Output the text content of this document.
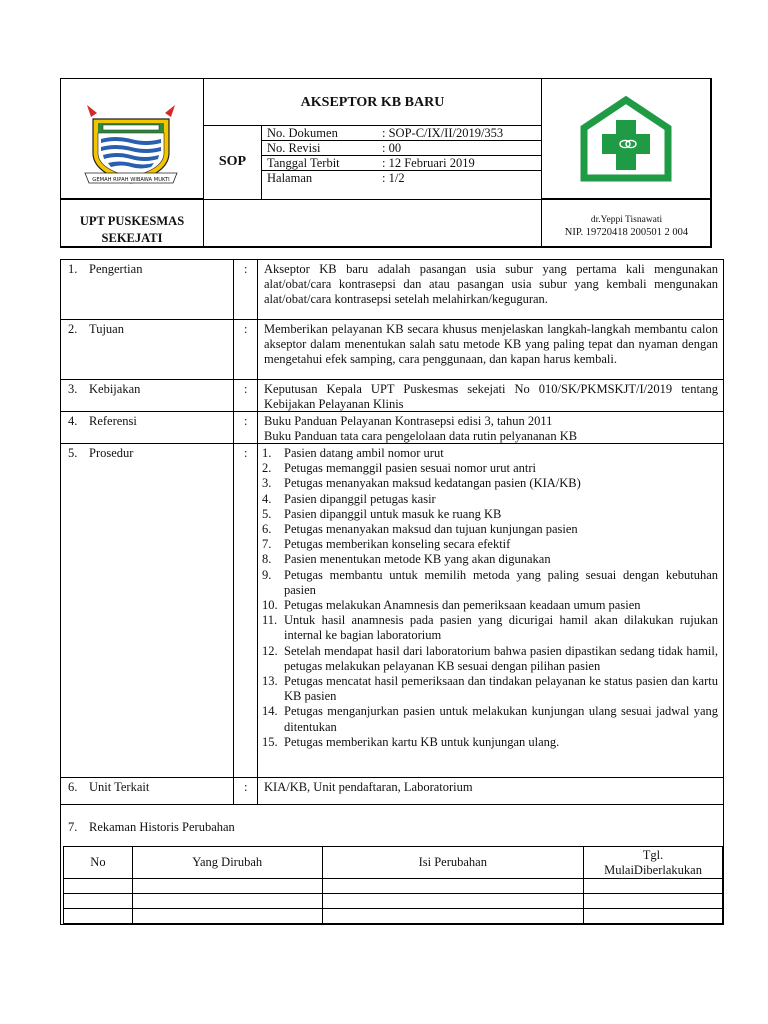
GEMAH RIPAH WIBAWA MUKTI
AKSEPTOR KB BARU
SOP
No. Dokumen	: SOP-C/IX/II/2019/353
No. Revisi	: 00
Tanggal Terbit	: 12 Februari 2019
Halaman	: 1/2
UPT PUSKESMAS
SEKEJATI
dr.Yeppi Tisnawati
NIP. 19720418 200501 2 004
1. Pengertian	: Akseptor KB baru adalah pasangan usia subur yang pertama kali mengunakan alat/obat/cara kontrasepsi dan atau pasangan usia subur yang kembali mengunakan alat/obat/cara kontrasepsi setelah melahirkan/keguguran.
2. Tujuan	: Memberikan pelayanan KB secara khusus menjelaskan langkah-langkah membantu calon akseptor dalam menentukan salah satu metode KB yang paling tepat dan nyaman dengan mengetahui efek samping, cara penggunaan, dan kapan harus kembali.
3. Kebijakan	: Keputusan Kepala UPT Puskesmas sekejati No 010/SK/PKMSKJT/I/2019 tentang Kebijakan Pelayanan Klinis
4. Referensi	: Buku Panduan Pelayanan Kontrasepsi edisi 3, tahun 2011
Buku Panduan tata cara pengelolaan data rutin pelyananan KB
5. Prosedur	: 1. Pasien datang ambil nomor urut
2. Petugas memanggil pasien sesuai nomor urut antri
3. Petugas menanyakan maksud kedatangan pasien (KIA/KB)
4. Pasien dipanggil petugas kasir
5. Pasien dipanggil untuk masuk ke ruang KB
6. Petugas menanyakan maksud dan tujuan kunjungan pasien
7. Petugas memberikan konseling secara efektif
8. Pasien menentukan metode KB yang akan digunakan
9. Petugas membantu untuk memilih metoda yang paling sesuai dengan kebutuhan pasien
10. Petugas melakukan Anamnesis dan pemeriksaan keadaan umum pasien
11. Untuk hasil anamnesis pada pasien yang dicurigai hamil akan dilakukan rujukan internal ke bagian laboratorium
12. Setelah mendapat hasil dari laboratorium bahwa pasien dipastikan sedang tidak hamil, petugas melakukan pelayanan KB sesuai dengan pilihan pasien
13. Petugas mencatat hasil pemeriksaan dan tindakan pelayanan ke status pasien dan kartu KB pasien
14. Petugas menganjurkan pasien untuk melakukan kunjungan ulang sesuai jadwal yang ditentukan
15. Petugas memberikan kartu KB untuk kunjungan ulang.
6. Unit Terkait	: KIA/KB, Unit pendaftaran, Laboratorium
7. Rekaman Historis Perubahan
No	Yang Dirubah	Isi Perubahan	Tgl.
MulaiDiberlakukan
